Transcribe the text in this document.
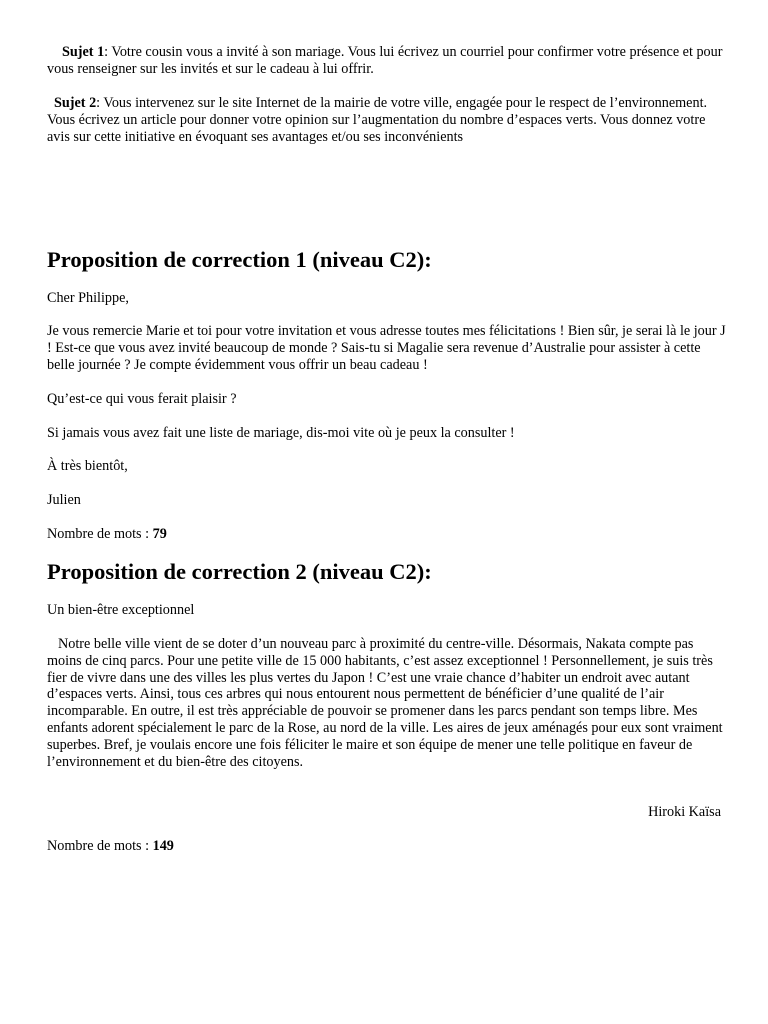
Sujet 1: Votre cousin vous a invité à son mariage. Vous lui écrivez un courriel pour confirmer votre présence et pour vous renseigner sur les invités et sur le cadeau à lui offrir.

Sujet 2: Vous intervenez sur le site Internet de la mairie de votre ville, engagée pour le respect de l’environnement. Vous écrivez un article pour donner votre opinion sur l’augmentation du nombre d’espaces verts. Vous donnez votre avis sur cette initiative en évoquant ses avantages et/ou ses inconvénients

Proposition de correction 1 (niveau C2):

Cher Philippe,

Je vous remercie Marie et toi pour votre invitation et vous adresse toutes mes félicitations ! Bien sûr, je serai là le jour J ! Est-ce que vous avez invité beaucoup de monde ? Sais-tu si Magalie sera revenue d’Australie pour assister à cette belle journée ? Je compte évidemment vous offrir un beau cadeau !

Qu’est-ce qui vous ferait plaisir ?

Si jamais vous avez fait une liste de mariage, dis-moi vite où je peux la consulter !

À très bientôt,

Julien

Nombre de mots : 79

Proposition de correction 2 (niveau C2):

Un bien-être exceptionnel

Notre belle ville vient de se doter d’un nouveau parc à proximité du centre-ville. Désormais, Nakata compte pas moins de cinq parcs. Pour une petite ville de 15 000 habitants, c’est assez exceptionnel ! Personnellement, je suis très fier de vivre dans une des villes les plus vertes du Japon ! C’est une vraie chance d’habiter un endroit avec autant d’espaces verts. Ainsi, tous ces arbres qui nous entourent nous permettent de bénéficier d’une qualité de l’air incomparable. En outre, il est très appréciable de pouvoir se promener dans les parcs pendant son temps libre. Mes enfants adorent spécialement le parc de la Rose, au nord de la ville. Les aires de jeux aménagés pour eux sont vraiment superbes. Bref, je voulais encore une fois féliciter le maire et son équipe de mener une telle politique en faveur de l’environnement et du bien-être des citoyens.

Hiroki Kaïsa

Nombre de mots : 149
